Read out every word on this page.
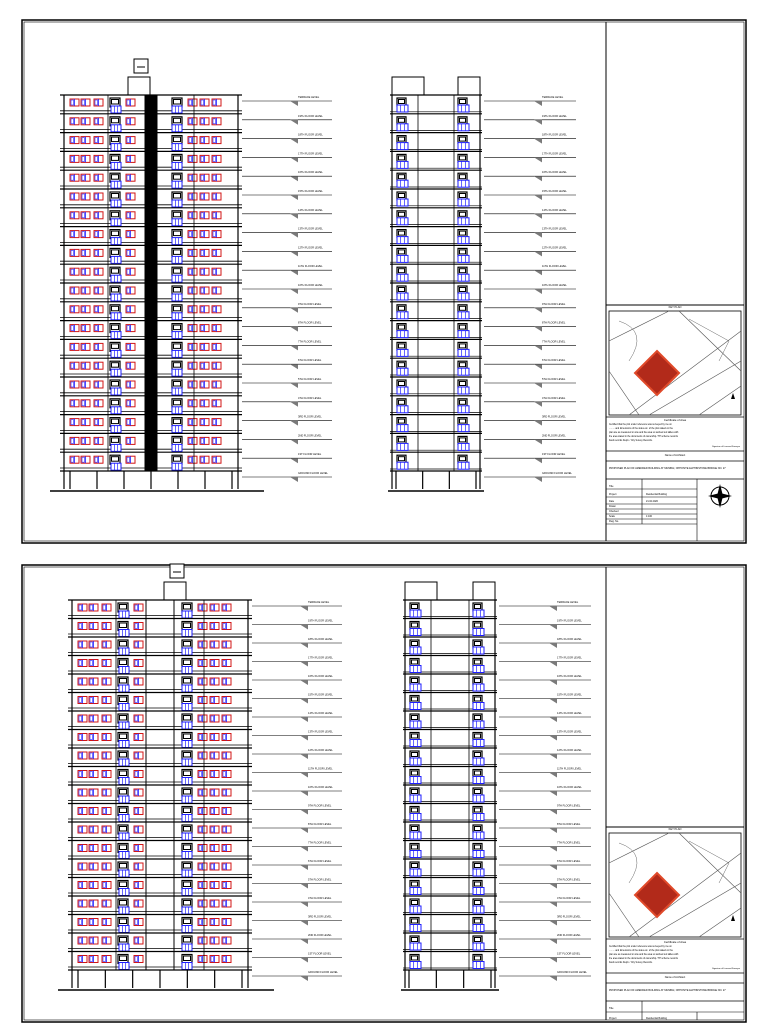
TERRACE LEVEL
19TH FLOOR LEVEL
18TH FLOOR LEVEL
17TH FLOOR LEVEL
16TH FLOOR LEVEL
15TH FLOOR LEVEL
14TH FLOOR LEVEL
13TH FLOOR LEVEL
12TH FLOOR LEVEL
11TH FLOOR LEVEL
10TH FLOOR LEVEL
9TH FLOOR LEVEL
8TH FLOOR LEVEL
7TH FLOOR LEVEL
6TH FLOOR LEVEL
5TH FLOOR LEVEL
4TH FLOOR LEVEL
3RD FLOOR LEVEL
2ND FLOOR LEVEL
1ST FLOOR LEVEL
GROUND FLOOR LEVEL
TERRACE LEVEL
19TH FLOOR LEVEL
18TH FLOOR LEVEL
17TH FLOOR LEVEL
16TH FLOOR LEVEL
15TH FLOOR LEVEL
14TH FLOOR LEVEL
13TH FLOOR LEVEL
12TH FLOOR LEVEL
11TH FLOOR LEVEL
10TH FLOOR LEVEL
9TH FLOOR LEVEL
8TH FLOOR LEVEL
7TH FLOOR LEVEL
6TH FLOOR LEVEL
5TH FLOOR LEVEL
4TH FLOOR LEVEL
3RD FLOOR LEVEL
2ND FLOOR LEVEL
1ST FLOOR LEVEL
GROUND FLOOR LEVEL
KEY PLAN
Certificate of Area
Certified that the plot under reference was surveyed by me on
......... and dimensions of the sides etc. of the plot stated on the
plan are as measured on site and the area so worked out tallies with
the area stated in the documents of ownership / TP scheme records
/land records Deptt. / City Survey Records.
Signature of Licensed Surveyor
Name of Architect
PROPOSED PLAN OF AMENDED BUILDING AT MUMBAI, OPPOSITE ELPHINSTONE BRIDGE NO. 27
Title
Project	Residential Building
Date	21.02.2020
Drawn
Checked
Scale	1:100
Dwg. No.
TERRACE LEVEL
19TH FLOOR LEVEL
18TH FLOOR LEVEL
17TH FLOOR LEVEL
16TH FLOOR LEVEL
15TH FLOOR LEVEL
14TH FLOOR LEVEL
13TH FLOOR LEVEL
12TH FLOOR LEVEL
11TH FLOOR LEVEL
10TH FLOOR LEVEL
9TH FLOOR LEVEL
8TH FLOOR LEVEL
7TH FLOOR LEVEL
6TH FLOOR LEVEL
5TH FLOOR LEVEL
4TH FLOOR LEVEL
3RD FLOOR LEVEL
2ND FLOOR LEVEL
1ST FLOOR LEVEL
GROUND FLOOR LEVEL
TERRACE LEVEL
19TH FLOOR LEVEL
18TH FLOOR LEVEL
17TH FLOOR LEVEL
16TH FLOOR LEVEL
15TH FLOOR LEVEL
14TH FLOOR LEVEL
13TH FLOOR LEVEL
12TH FLOOR LEVEL
11TH FLOOR LEVEL
10TH FLOOR LEVEL
9TH FLOOR LEVEL
8TH FLOOR LEVEL
7TH FLOOR LEVEL
6TH FLOOR LEVEL
5TH FLOOR LEVEL
4TH FLOOR LEVEL
3RD FLOOR LEVEL
2ND FLOOR LEVEL
1ST FLOOR LEVEL
GROUND FLOOR LEVEL
KEY PLAN
Certificate of Area
Certified that the plot under reference was surveyed by me on
......... and dimensions of the sides etc. of the plot stated on the
plan are as measured on site and the area so worked out tallies with
the area stated in the documents of ownership / TP scheme records
/land records Deptt. / City Survey Records.
Signature of Licensed Surveyor
Name of Architect
PROPOSED PLAN OF AMENDED BUILDING AT MUMBAI, OPPOSITE ELPHINSTONE BRIDGE NO. 27
Title
Project	Residential Building
